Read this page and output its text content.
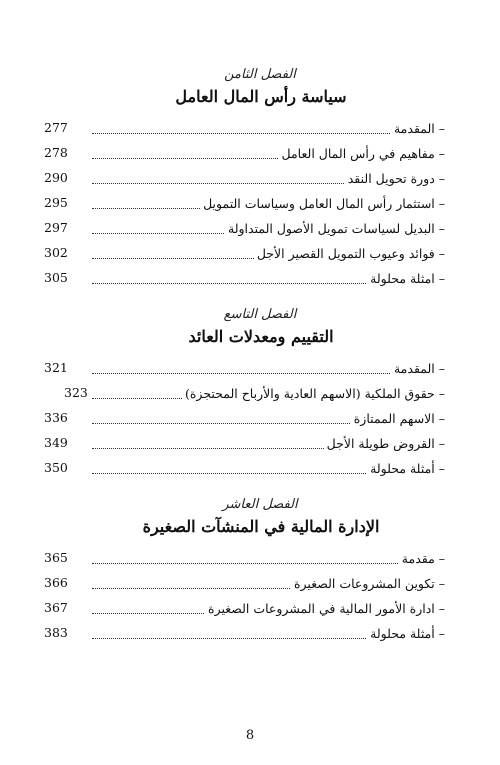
الفصل الثامن
سياسة رأس المال العامل
– المقدمة
277
– مفاهيم في رأس المال العامل
278
– دورة تحويل النقد
290
– استثمار رأس المال العامل وسياسات التمويل
295
– البديل لسياسات تمويل الأصول المتداولة
297
– فوائد وعيوب التمويل القصير الأجل
302
– امثلة محلولة
305
الفصل التاسع
التقييم ومعدلات العائد
– المقدمة
321
– حقوق الملكية (الاسهم العادية والأرباح المحتجزة)
323
– الاسهم الممتازة
336
– القروض طويلة الأجل
349
– أمثلة محلولة
350
الفصل العاشر
الإدارة المالية في المنشآت الصغيرة
– مقدمة
365
– تكوين المشروعات الصغيرة
366
– ادارة الأمور المالية في المشروعات الصغيرة
367
– أمثلة محلولة
383
8
